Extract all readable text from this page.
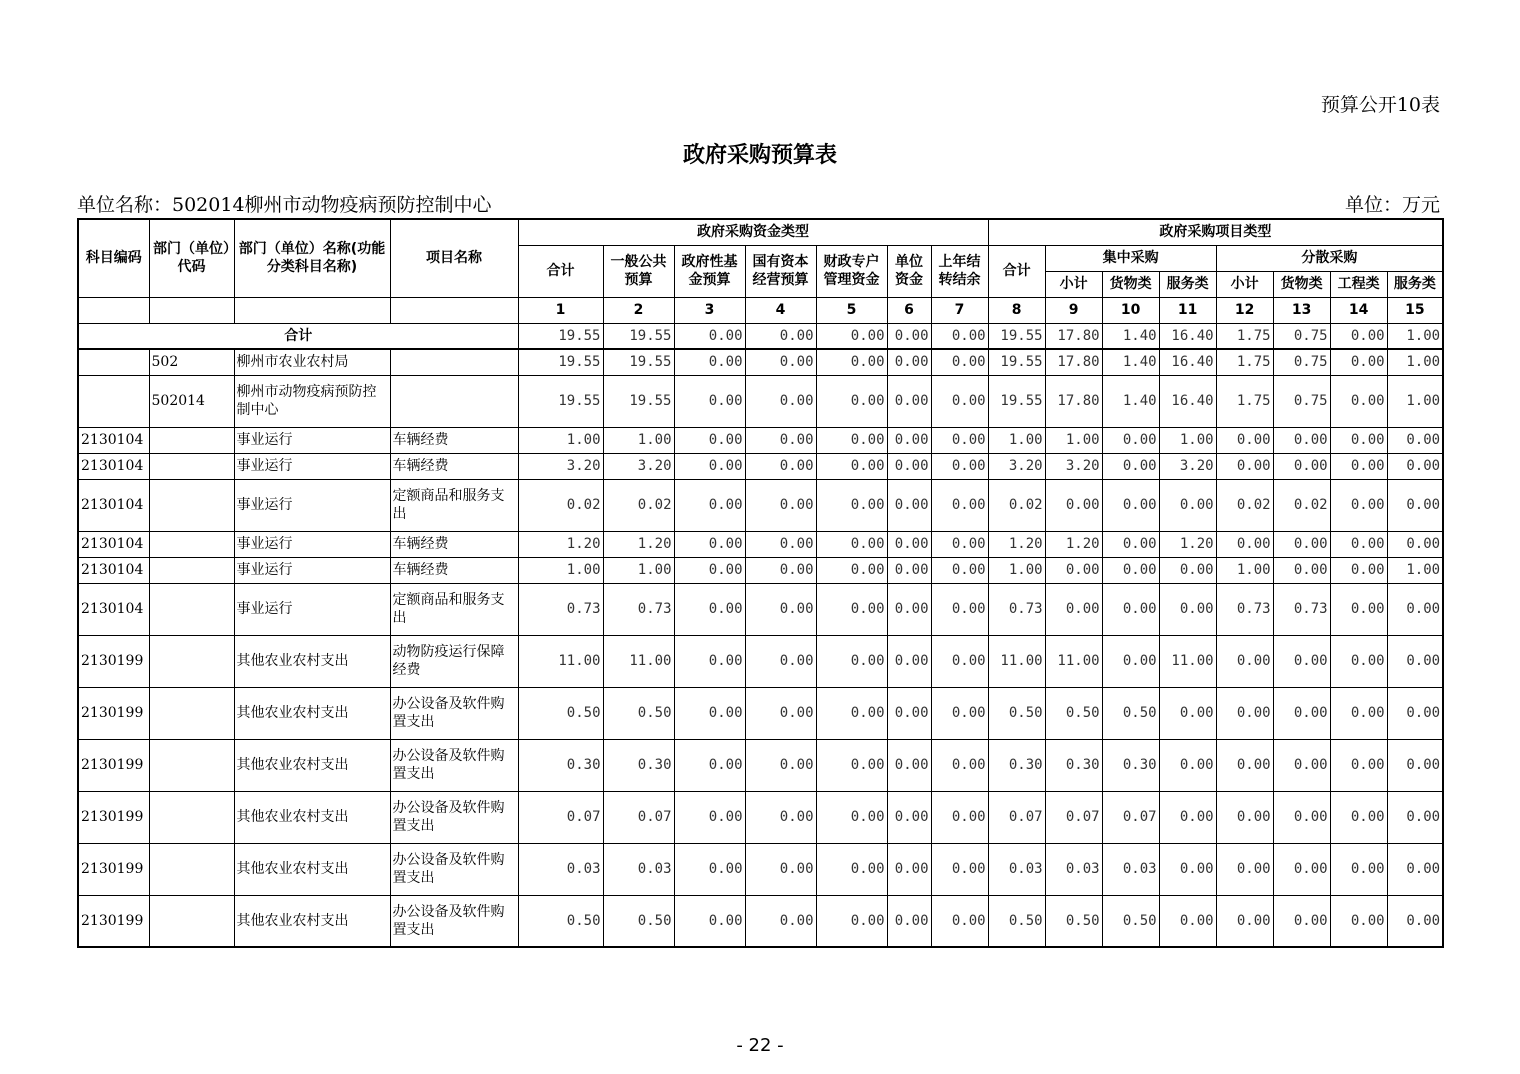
预算公开10表
政府采购预算表
单位名称：502014柳州市动物疫病预防控制中心	单位：万元
科目编码	部门（单位）代码	部门（单位）名称(功能分类科目名称)	项目名称	政府采购资金类型							政府采购项目类型							
				合计	一般公共预算	政府性基金预算	国有资本经营预算	财政专户管理资金	单位资金	上年结转结余	合计	集中采购			分散采购			
												小计	货物类	服务类	小计	货物类	工程类	服务类
				1	2	3	4	5	6	7	8	9	10	11	12	13	14	15
合计				19.55	19.55	0.00	0.00	0.00	0.00	0.00	19.55	17.80	1.40	16.40	1.75	0.75	0.00	1.00
	502	柳州市农业农村局		19.55	19.55	0.00	0.00	0.00	0.00	0.00	19.55	17.80	1.40	16.40	1.75	0.75	0.00	1.00
	502014	柳州市动物疫病预防控制中心		19.55	19.55	0.00	0.00	0.00	0.00	0.00	19.55	17.80	1.40	16.40	1.75	0.75	0.00	1.00
2130104		事业运行	车辆经费	1.00	1.00	0.00	0.00	0.00	0.00	0.00	1.00	1.00	0.00	1.00	0.00	0.00	0.00	0.00
2130104		事业运行	车辆经费	3.20	3.20	0.00	0.00	0.00	0.00	0.00	3.20	3.20	0.00	3.20	0.00	0.00	0.00	0.00
2130104		事业运行	定额商品和服务支出	0.02	0.02	0.00	0.00	0.00	0.00	0.00	0.02	0.00	0.00	0.00	0.02	0.02	0.00	0.00
2130104		事业运行	车辆经费	1.20	1.20	0.00	0.00	0.00	0.00	0.00	1.20	1.20	0.00	1.20	0.00	0.00	0.00	0.00
2130104		事业运行	车辆经费	1.00	1.00	0.00	0.00	0.00	0.00	0.00	1.00	0.00	0.00	0.00	1.00	0.00	0.00	1.00
2130104		事业运行	定额商品和服务支出	0.73	0.73	0.00	0.00	0.00	0.00	0.00	0.73	0.00	0.00	0.00	0.73	0.73	0.00	0.00
2130199		其他农业农村支出	动物防疫运行保障经费	11.00	11.00	0.00	0.00	0.00	0.00	0.00	11.00	11.00	0.00	11.00	0.00	0.00	0.00	0.00
2130199		其他农业农村支出	办公设备及软件购置支出	0.50	0.50	0.00	0.00	0.00	0.00	0.00	0.50	0.50	0.50	0.00	0.00	0.00	0.00	0.00
2130199		其他农业农村支出	办公设备及软件购置支出	0.30	0.30	0.00	0.00	0.00	0.00	0.00	0.30	0.30	0.30	0.00	0.00	0.00	0.00	0.00
2130199		其他农业农村支出	办公设备及软件购置支出	0.07	0.07	0.00	0.00	0.00	0.00	0.00	0.07	0.07	0.07	0.00	0.00	0.00	0.00	0.00
2130199		其他农业农村支出	办公设备及软件购置支出	0.03	0.03	0.00	0.00	0.00	0.00	0.00	0.03	0.03	0.03	0.00	0.00	0.00	0.00	0.00
2130199		其他农业农村支出	办公设备及软件购置支出	0.50	0.50	0.00	0.00	0.00	0.00	0.00	0.50	0.50	0.50	0.00	0.00	0.00	0.00	0.00
- 22 -
